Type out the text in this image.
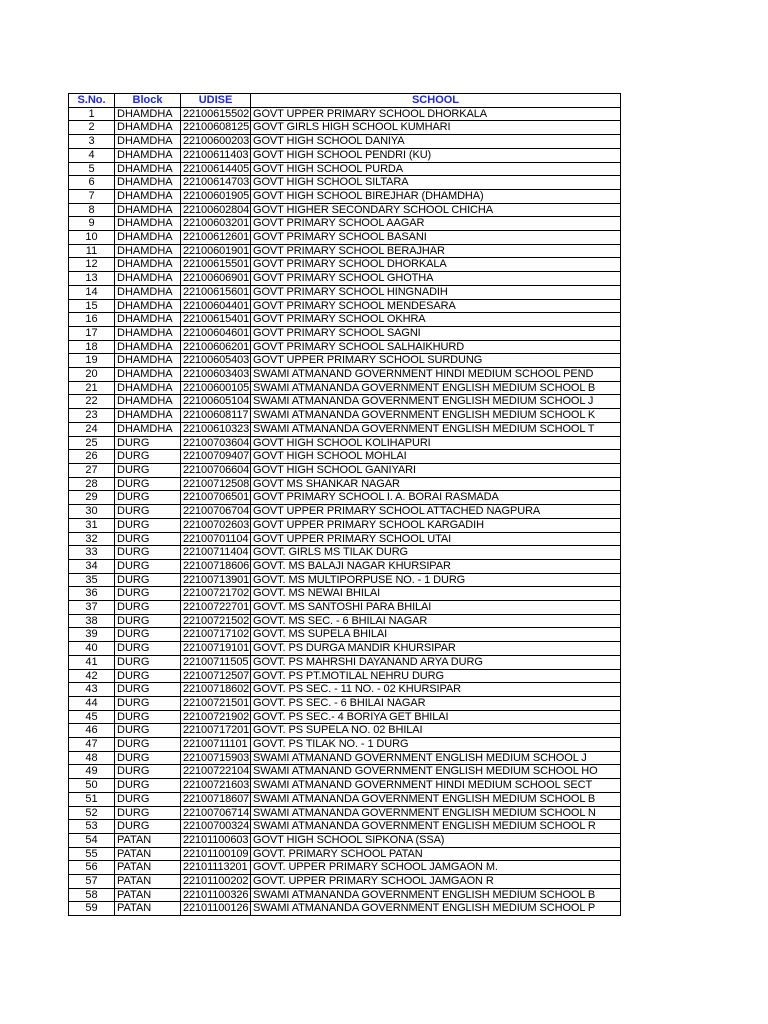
S.No.	Block	UDISE	SCHOOL
1	DHAMDHA	22100615502	GOVT UPPER PRIMARY SCHOOL DHORKALA
2	DHAMDHA	22100608125	GOVT GIRLS HIGH SCHOOL KUMHARI
3	DHAMDHA	22100600203	GOVT HIGH SCHOOL DANIYA
4	DHAMDHA	22100611403	GOVT HIGH SCHOOL PENDRI (KU)
5	DHAMDHA	22100614405	GOVT HIGH SCHOOL PURDA
6	DHAMDHA	22100614703	GOVT HIGH SCHOOL SILTARA
7	DHAMDHA	22100601905	GOVT HIGH SCHOOL BIREJHAR (DHAMDHA)
8	DHAMDHA	22100602804	GOVT HIGHER SECONDARY SCHOOL CHICHA
9	DHAMDHA	22100603201	GOVT PRIMARY SCHOOL AAGAR
10	DHAMDHA	22100612601	GOVT PRIMARY SCHOOL BASANI
11	DHAMDHA	22100601901	GOVT PRIMARY SCHOOL BERAJHAR
12	DHAMDHA	22100615501	GOVT PRIMARY SCHOOL DHORKALA
13	DHAMDHA	22100606901	GOVT PRIMARY SCHOOL GHOTHA
14	DHAMDHA	22100615601	GOVT PRIMARY SCHOOL HINGNADIH
15	DHAMDHA	22100604401	GOVT PRIMARY SCHOOL MENDESARA
16	DHAMDHA	22100615401	GOVT PRIMARY SCHOOL OKHRA
17	DHAMDHA	22100604601	GOVT PRIMARY SCHOOL SAGNI
18	DHAMDHA	22100606201	GOVT PRIMARY SCHOOL SALHAIKHURD
19	DHAMDHA	22100605403	GOVT UPPER PRIMARY SCHOOL SURDUNG
20	DHAMDHA	22100603403	SWAMI ATMANAND GOVERNMENT HINDI MEDIUM SCHOOL PEND
21	DHAMDHA	22100600105	SWAMI ATMANANDA GOVERNMENT ENGLISH MEDIUM SCHOOL B
22	DHAMDHA	22100605104	SWAMI ATMANANDA GOVERNMENT ENGLISH MEDIUM SCHOOL J
23	DHAMDHA	22100608117	SWAMI ATMANANDA GOVERNMENT ENGLISH MEDIUM SCHOOL K
24	DHAMDHA	22100610323	SWAMI ATMANANDA GOVERNMENT ENGLISH MEDIUM SCHOOL T
25	DURG	22100703604	GOVT HIGH SCHOOL KOLIHAPURI
26	DURG	22100709407	GOVT HIGH SCHOOL MOHLAI
27	DURG	22100706604	GOVT HIGH SCHOOL GANIYARI
28	DURG	22100712508	GOVT MS SHANKAR NAGAR
29	DURG	22100706501	GOVT PRIMARY SCHOOL I. A. BORAI RASMADA
30	DURG	22100706704	GOVT UPPER PRIMARY SCHOOL ATTACHED NAGPURA
31	DURG	22100702603	GOVT UPPER PRIMARY SCHOOL KARGADIH
32	DURG	22100701104	GOVT UPPER PRIMARY SCHOOL UTAI
33	DURG	22100711404	GOVT. GIRLS MS TILAK DURG
34	DURG	22100718606	GOVT. MS BALAJI NAGAR KHURSIPAR
35	DURG	22100713901	GOVT. MS MULTIPORPUSE NO. - 1 DURG
36	DURG	22100721702	GOVT. MS NEWAI BHILAI
37	DURG	22100722701	GOVT. MS SANTOSHI PARA BHILAI
38	DURG	22100721502	GOVT. MS SEC. - 6 BHILAI NAGAR
39	DURG	22100717102	GOVT. MS SUPELA BHILAI
40	DURG	22100719101	GOVT. PS DURGA MANDIR KHURSIPAR
41	DURG	22100711505	GOVT. PS MAHRSHI DAYANAND ARYA DURG
42	DURG	22100712507	GOVT. PS PT.MOTILAL NEHRU DURG
43	DURG	22100718602	GOVT. PS SEC. - 11 NO. - 02 KHURSIPAR
44	DURG	22100721501	GOVT. PS SEC. - 6 BHILAI NAGAR
45	DURG	22100721902	GOVT. PS SEC.- 4 BORIYA GET BHILAI
46	DURG	22100717201	GOVT. PS SUPELA NO. 02 BHILAI
47	DURG	22100711101	GOVT. PS TILAK NO. - 1 DURG
48	DURG	22100715903	SWAMI ATMANAND GOVERNMENT ENGLISH MEDIUM SCHOOL J
49	DURG	22100722104	SWAMI ATMANAND GOVERNMENT ENGLISH MEDIUM SCHOOL HO
50	DURG	22100721603	SWAMI ATMANAND GOVERNMENT HINDI MEDIUM SCHOOL SECT
51	DURG	22100718607	SWAMI ATMANANDA GOVERNMENT ENGLISH MEDIUM SCHOOL B
52	DURG	22100706714	SWAMI ATMANANDA GOVERNMENT ENGLISH MEDIUM SCHOOL N
53	DURG	22100700324	SWAMI ATMANANDA GOVERNMENT ENGLISH MEDIUM SCHOOL R
54	PATAN	22101100603	GOVT HIGH SCHOOL SIPKONA (SSA)
55	PATAN	22101100109	GOVT. PRIMARY SCHOOL PATAN
56	PATAN	22101113201	GOVT. UPPER PRIMARY SCHOOL JAMGAON M.
57	PATAN	22101100202	GOVT. UPPER PRIMARY SCHOOL JAMGAON R
58	PATAN	22101100326	SWAMI ATMANANDA GOVERNMENT ENGLISH MEDIUM SCHOOL B
59	PATAN	22101100126	SWAMI ATMANANDA GOVERNMENT ENGLISH MEDIUM SCHOOL P
